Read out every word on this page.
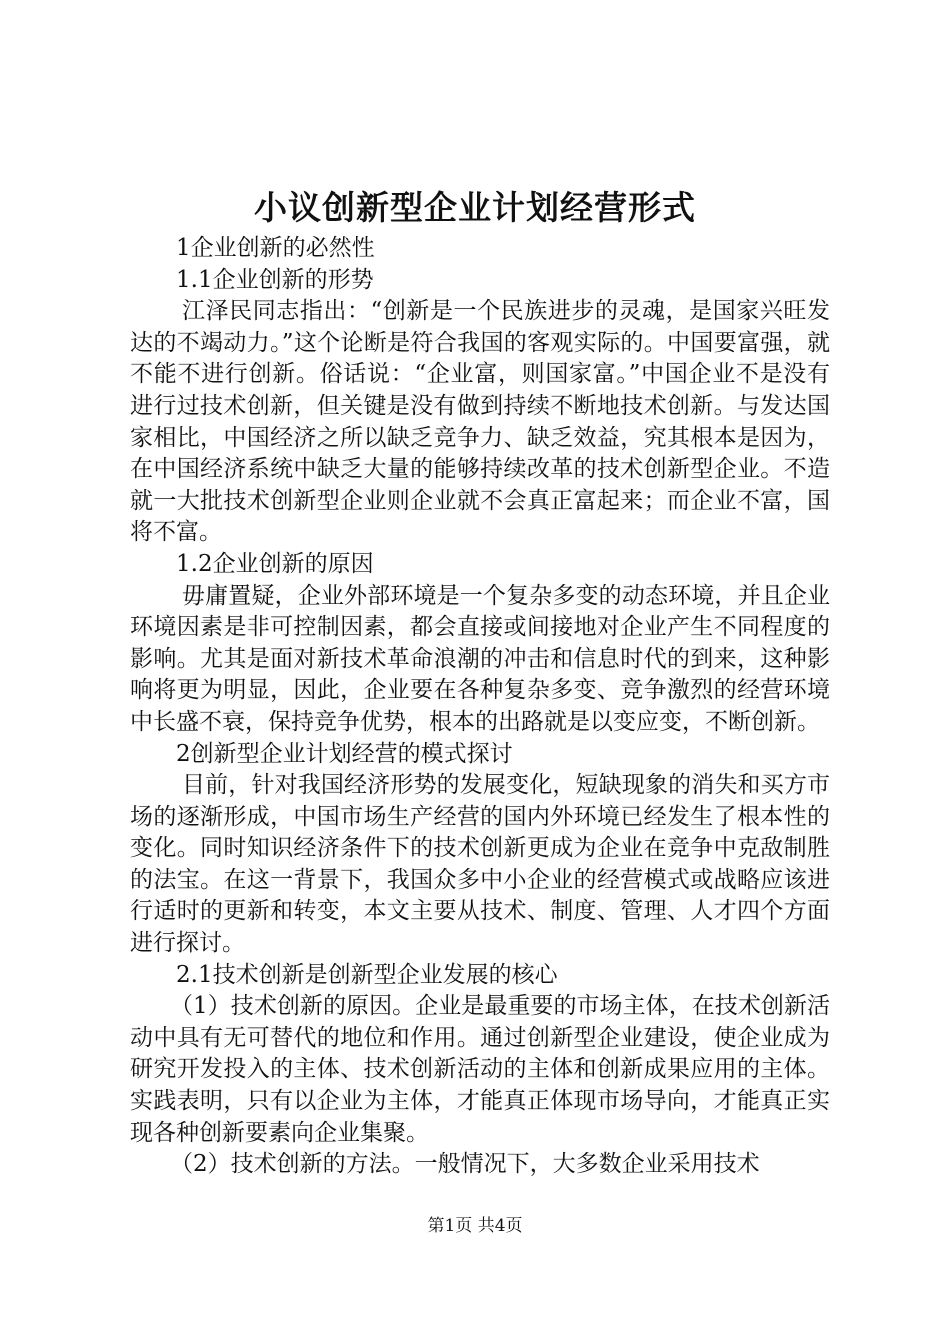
小议创新型企业计划经营形式

1企业创新的必然性

1.1企业创新的形势

江泽民同志指出：“创新是一个民族进步的灵魂，是国家兴旺发达的不竭动力。”这个论断是符合我国的客观实际的。中国要富强，就不能不进行创新。俗话说：“企业富，则国家富。”中国企业不是没有进行过技术创新，但关键是没有做到持续不断地技术创新。与发达国家相比，中国经济之所以缺乏竞争力、缺乏效益，究其根本是因为，在中国经济系统中缺乏大量的能够持续改革的技术创新型企业。不造就一大批技术创新型企业则企业就不会真正富起来；而企业不富，国将不富。

1.2企业创新的原因

毋庸置疑，企业外部环境是一个复杂多变的动态环境，并且企业环境因素是非可控制因素，都会直接或间接地对企业产生不同程度的影响。尤其是面对新技术革命浪潮的冲击和信息时代的到来，这种影响将更为明显，因此，企业要在各种复杂多变、竞争激烈的经营环境中长盛不衰，保持竞争优势，根本的出路就是以变应变，不断创新。

2创新型企业计划经营的模式探讨

目前，针对我国经济形势的发展变化，短缺现象的消失和买方市场的逐渐形成，中国市场生产经营的国内外环境已经发生了根本性的变化。同时知识经济条件下的技术创新更成为企业在竞争中克敌制胜的法宝。在这一背景下，我国众多中小企业的经营模式或战略应该进行适时的更新和转变，本文主要从技术、制度、管理、人才四个方面进行探讨。

2.1技术创新是创新型企业发展的核心

（1）技术创新的原因。企业是最重要的市场主体，在技术创新活动中具有无可替代的地位和作用。通过创新型企业建设，使企业成为研究开发投入的主体、技术创新活动的主体和创新成果应用的主体。实践表明，只有以企业为主体，才能真正体现市场导向，才能真正实现各种创新要素向企业集聚。

（2）技术创新的方法。一般情况下，大多数企业采用技术

第1页 共4页
